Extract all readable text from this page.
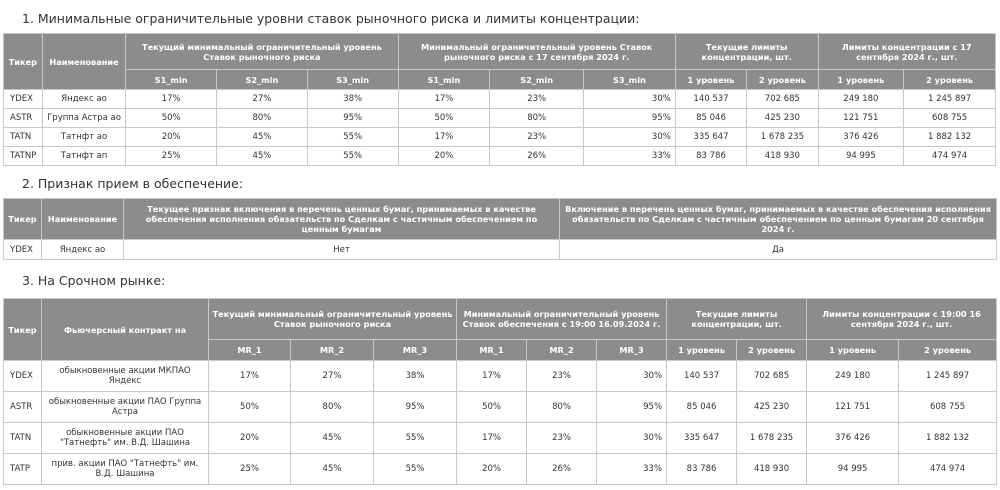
1. Минимальные ограничительные уровни ставок рыночного риска и лимиты концентрации:
Тикер	Наименование	Текущий минимальный ограничительный уровень Ставок рыночного риска			Минимальный ограничительный уровень Ставок рыночного риска с 17 сентября 2024 г.			Текущие лимиты концентрации, шт.		Лимиты концентрации с 17 сентября 2024 г., шт.	
		S1_min	S2_min	S3_min	S1_min	S2_min	S3_min	1 уровень	2 уровень	1 уровень	2 уровень
YDEX	Яндекс ао	17%	27%	38%	17%	23%	30%	140 537	702 685	249 180	1 245 897
ASTR	Группа Астра ао	50%	80%	95%	50%	80%	95%	85 046	425 230	121 751	608 755
TATN	Татнфт ао	20%	45%	55%	17%	23%	30%	335 647	1 678 235	376 426	1 882 132
TATNP	Татнфт ап	25%	45%	55%	20%	26%	33%	83 786	418 930	94 995	474 974
2. Признак прием в обеспечение:
Тикер	Наименование	Текущее признак включения в перечень ценных бумаг, принимаемых в качестве обеспечения исполнения обязательств по Сделкам с частичным обеспечением по ценным бумагам	Включение в перечень ценных бумаг, принимаемых в качестве обеспечения исполнения обязательств по Сделкам с частичным обеспечением по ценным бумагам 20 сентября 2024 г.
YDEX	Яндекс ао	Нет	Да
3. На Срочном рынке:
Тикер	Фьючерсный контракт на	Текущий минимальный ограничительный уровень Ставок рыночного риска			Минимальный ограничительный уровень Ставок обеспечения с 19:00 16.09.2024 г.			Текущие лимиты концентрации, шт.		Лимиты концентрации с 19:00 16 сентября 2024 г., шт.	
		MR_1	MR_2	MR_3	MR_1	MR_2	MR_3	1 уровень	2 уровень	1 уровень	2 уровень
YDEX	обыкновенные акции МКПАО Яндекс	17%	27%	38%	17%	23%	30%	140 537	702 685	249 180	1 245 897
ASTR	обыкновенные акции ПАО Группа Астра	50%	80%	95%	50%	80%	95%	85 046	425 230	121 751	608 755
TATN	обыкновенные акции ПАО "Татнефть" им. В.Д. Шашина	20%	45%	55%	17%	23%	30%	335 647	1 678 235	376 426	1 882 132
TATP	прив. акции ПАО "Татнефть" им. В.Д. Шашина	25%	45%	55%	20%	26%	33%	83 786	418 930	94 995	474 974
